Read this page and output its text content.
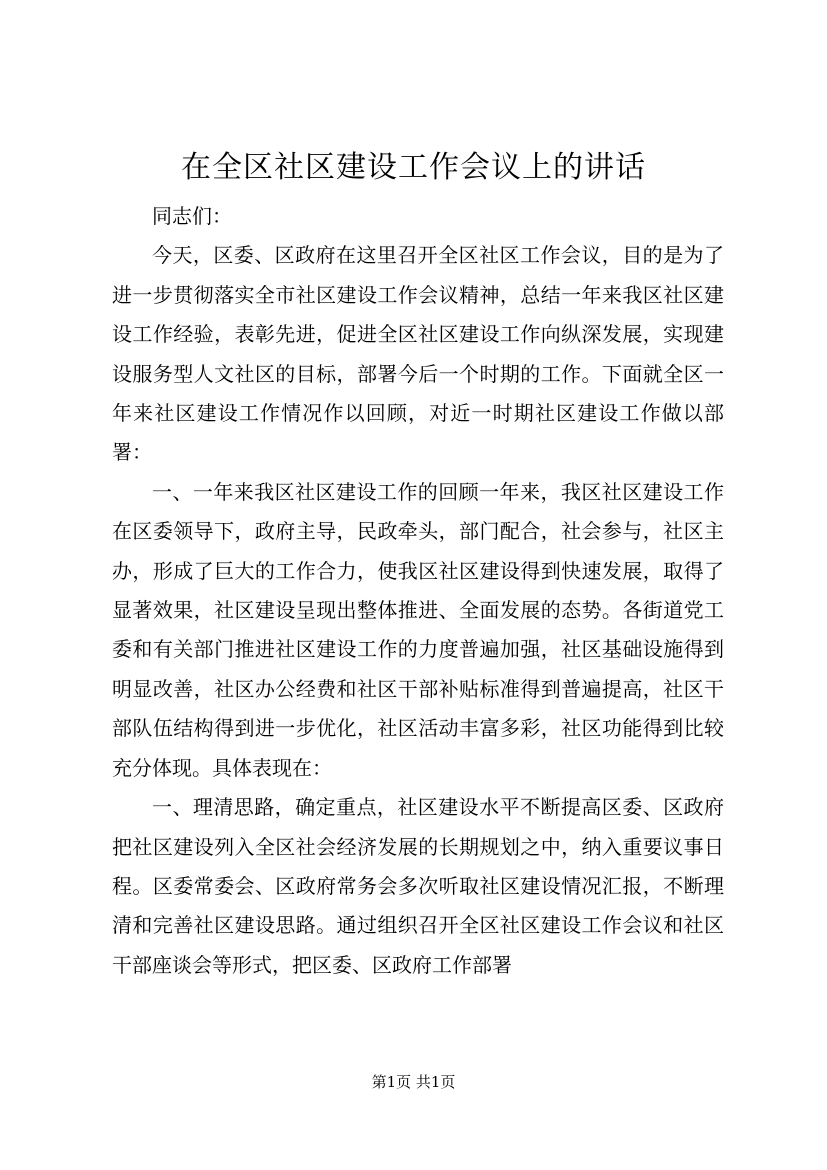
在全区社区建设工作会议上的讲话

同志们：

今天，区委、区政府在这里召开全区社区工作会议，目的是为了进一步贯彻落实全市社区建设工作会议精神，总结一年来我区社区建设工作经验，表彰先进，促进全区社区建设工作向纵深发展，实现建设服务型人文社区的目标，部署今后一个时期的工作。下面就全区一年来社区建设工作情况作以回顾，对近一时期社区建设工作做以部署：

一、一年来我区社区建设工作的回顾一年来，我区社区建设工作在区委领导下，政府主导，民政牵头，部门配合，社会参与，社区主办，形成了巨大的工作合力，使我区社区建设得到快速发展，取得了显著效果，社区建设呈现出整体推进、全面发展的态势。各街道党工委和有关部门推进社区建设工作的力度普遍加强，社区基础设施得到明显改善，社区办公经费和社区干部补贴标准得到普遍提高，社区干部队伍结构得到进一步优化，社区活动丰富多彩，社区功能得到比较充分体现。具体表现在：

一、理清思路，确定重点，社区建设水平不断提高区委、区政府把社区建设列入全区社会经济发展的长期规划之中，纳入重要议事日程。区委常委会、区政府常务会多次听取社区建设情况汇报，不断理清和完善社区建设思路。通过组织召开全区社区建设工作会议和社区干部座谈会等形式，把区委、区政府工作部署

第1页 共1页
